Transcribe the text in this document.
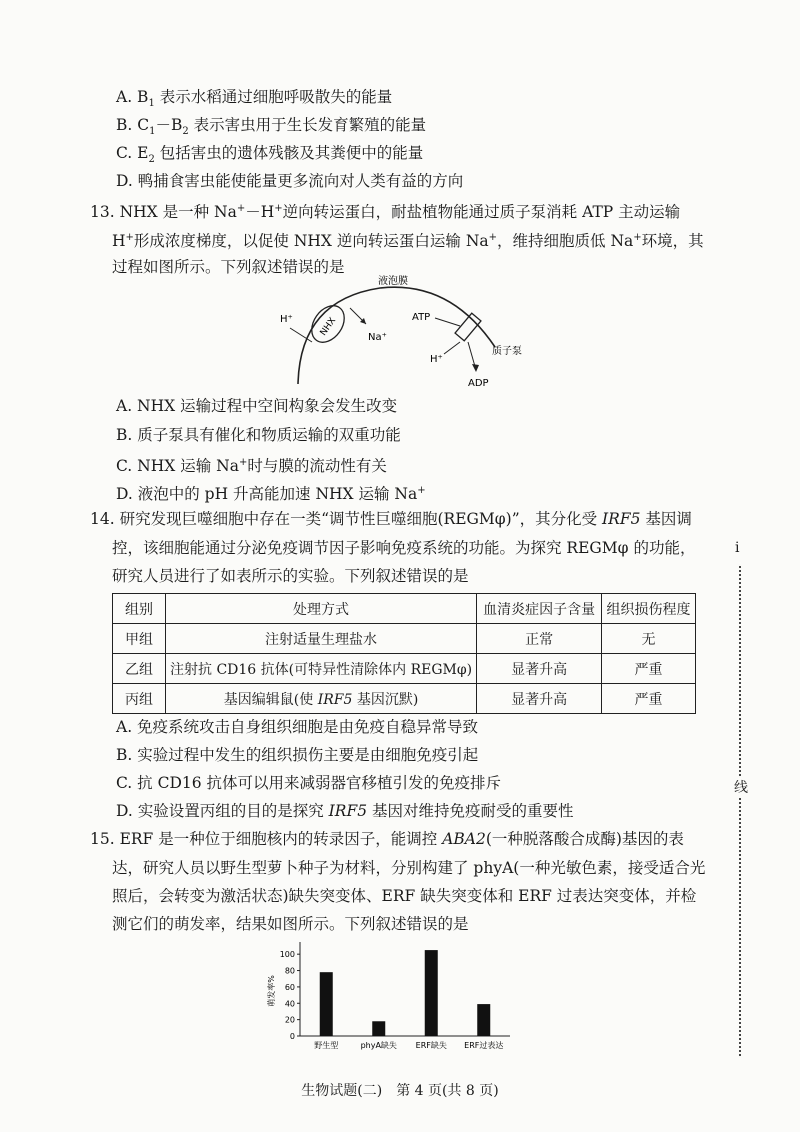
A. $B_1$ 表示水稻通过细胞呼吸散失的能量
B. $C_1-B_2$ 表示害虫用于生长发育繁殖的能量
C. $E_2$ 包括害虫的遗体残骸及其粪便中的能量
D. 鸭捕食害虫能使能量更多流向对人类有益的方向
13. NHX 是一种 Na+－H+逆向转运蛋白，耐盐植物能通过质子泵消耗 ATP 主动运输
H+形成浓度梯度，以促使 NHX 逆向转运蛋白运输 Na+，维持细胞质低 Na+环境，其
过程如图所示。下列叙述错误的是
液泡膜
NHX
H⁺
Na⁺
ATP
H⁺
质子泵
ADP
A. NHX 运输过程中空间构象会发生改变
B. 质子泵具有催化和物质运输的双重功能
C. NHX 运输 Na+时与膜的流动性有关
D. 液泡中的 pH 升高能加速 NHX 运输 Na+
14. 研究发现巨噬细胞中存在一类“调节性巨噬细胞(REGMφ)”，其分化受 IRF5 基因调
控，该细胞能通过分泌免疫调节因子影响免疫系统的功能。为探究 REGMφ 的功能，
研究人员进行了如表所示的实验。下列叙述错误的是
组别	处理方式	血清炎症因子含量	组织损伤程度
甲组	注射适量生理盐水	正常	无
乙组	注射抗 CD16 抗体(可特异性清除体内 REGMφ)	显著升高	严重
丙组	基因编辑鼠(使 IRF5 基因沉默)	显著升高	严重
A. 免疫系统攻击自身组织细胞是由免疫自稳异常导致
B. 实验过程中发生的组织损伤主要是由细胞免疫引起
C. 抗 CD16 抗体可以用来减弱器官移植引发的免疫排斥
D. 实验设置丙组的目的是探究 IRF5 基因对维持免疫耐受的重要性
15. ERF 是一种位于细胞核内的转录因子，能调控 ABA2(一种脱落酸合成酶)基因的表
达，研究人员以野生型萝卜种子为材料，分别构建了 phyA(一种光敏色素，接受适合光
照后，会转变为激活状态)缺失突变体、ERF 缺失突变体和 ERF 过表达突变体，并检
测它们的萌发率，结果如图所示。下列叙述错误的是
0
20
40
60
80
100
萌发率%
野生型	phyA缺失 ERF缺失 ERF过表达
i
线
生物试题(二)　第 4 页(共 8 页)
